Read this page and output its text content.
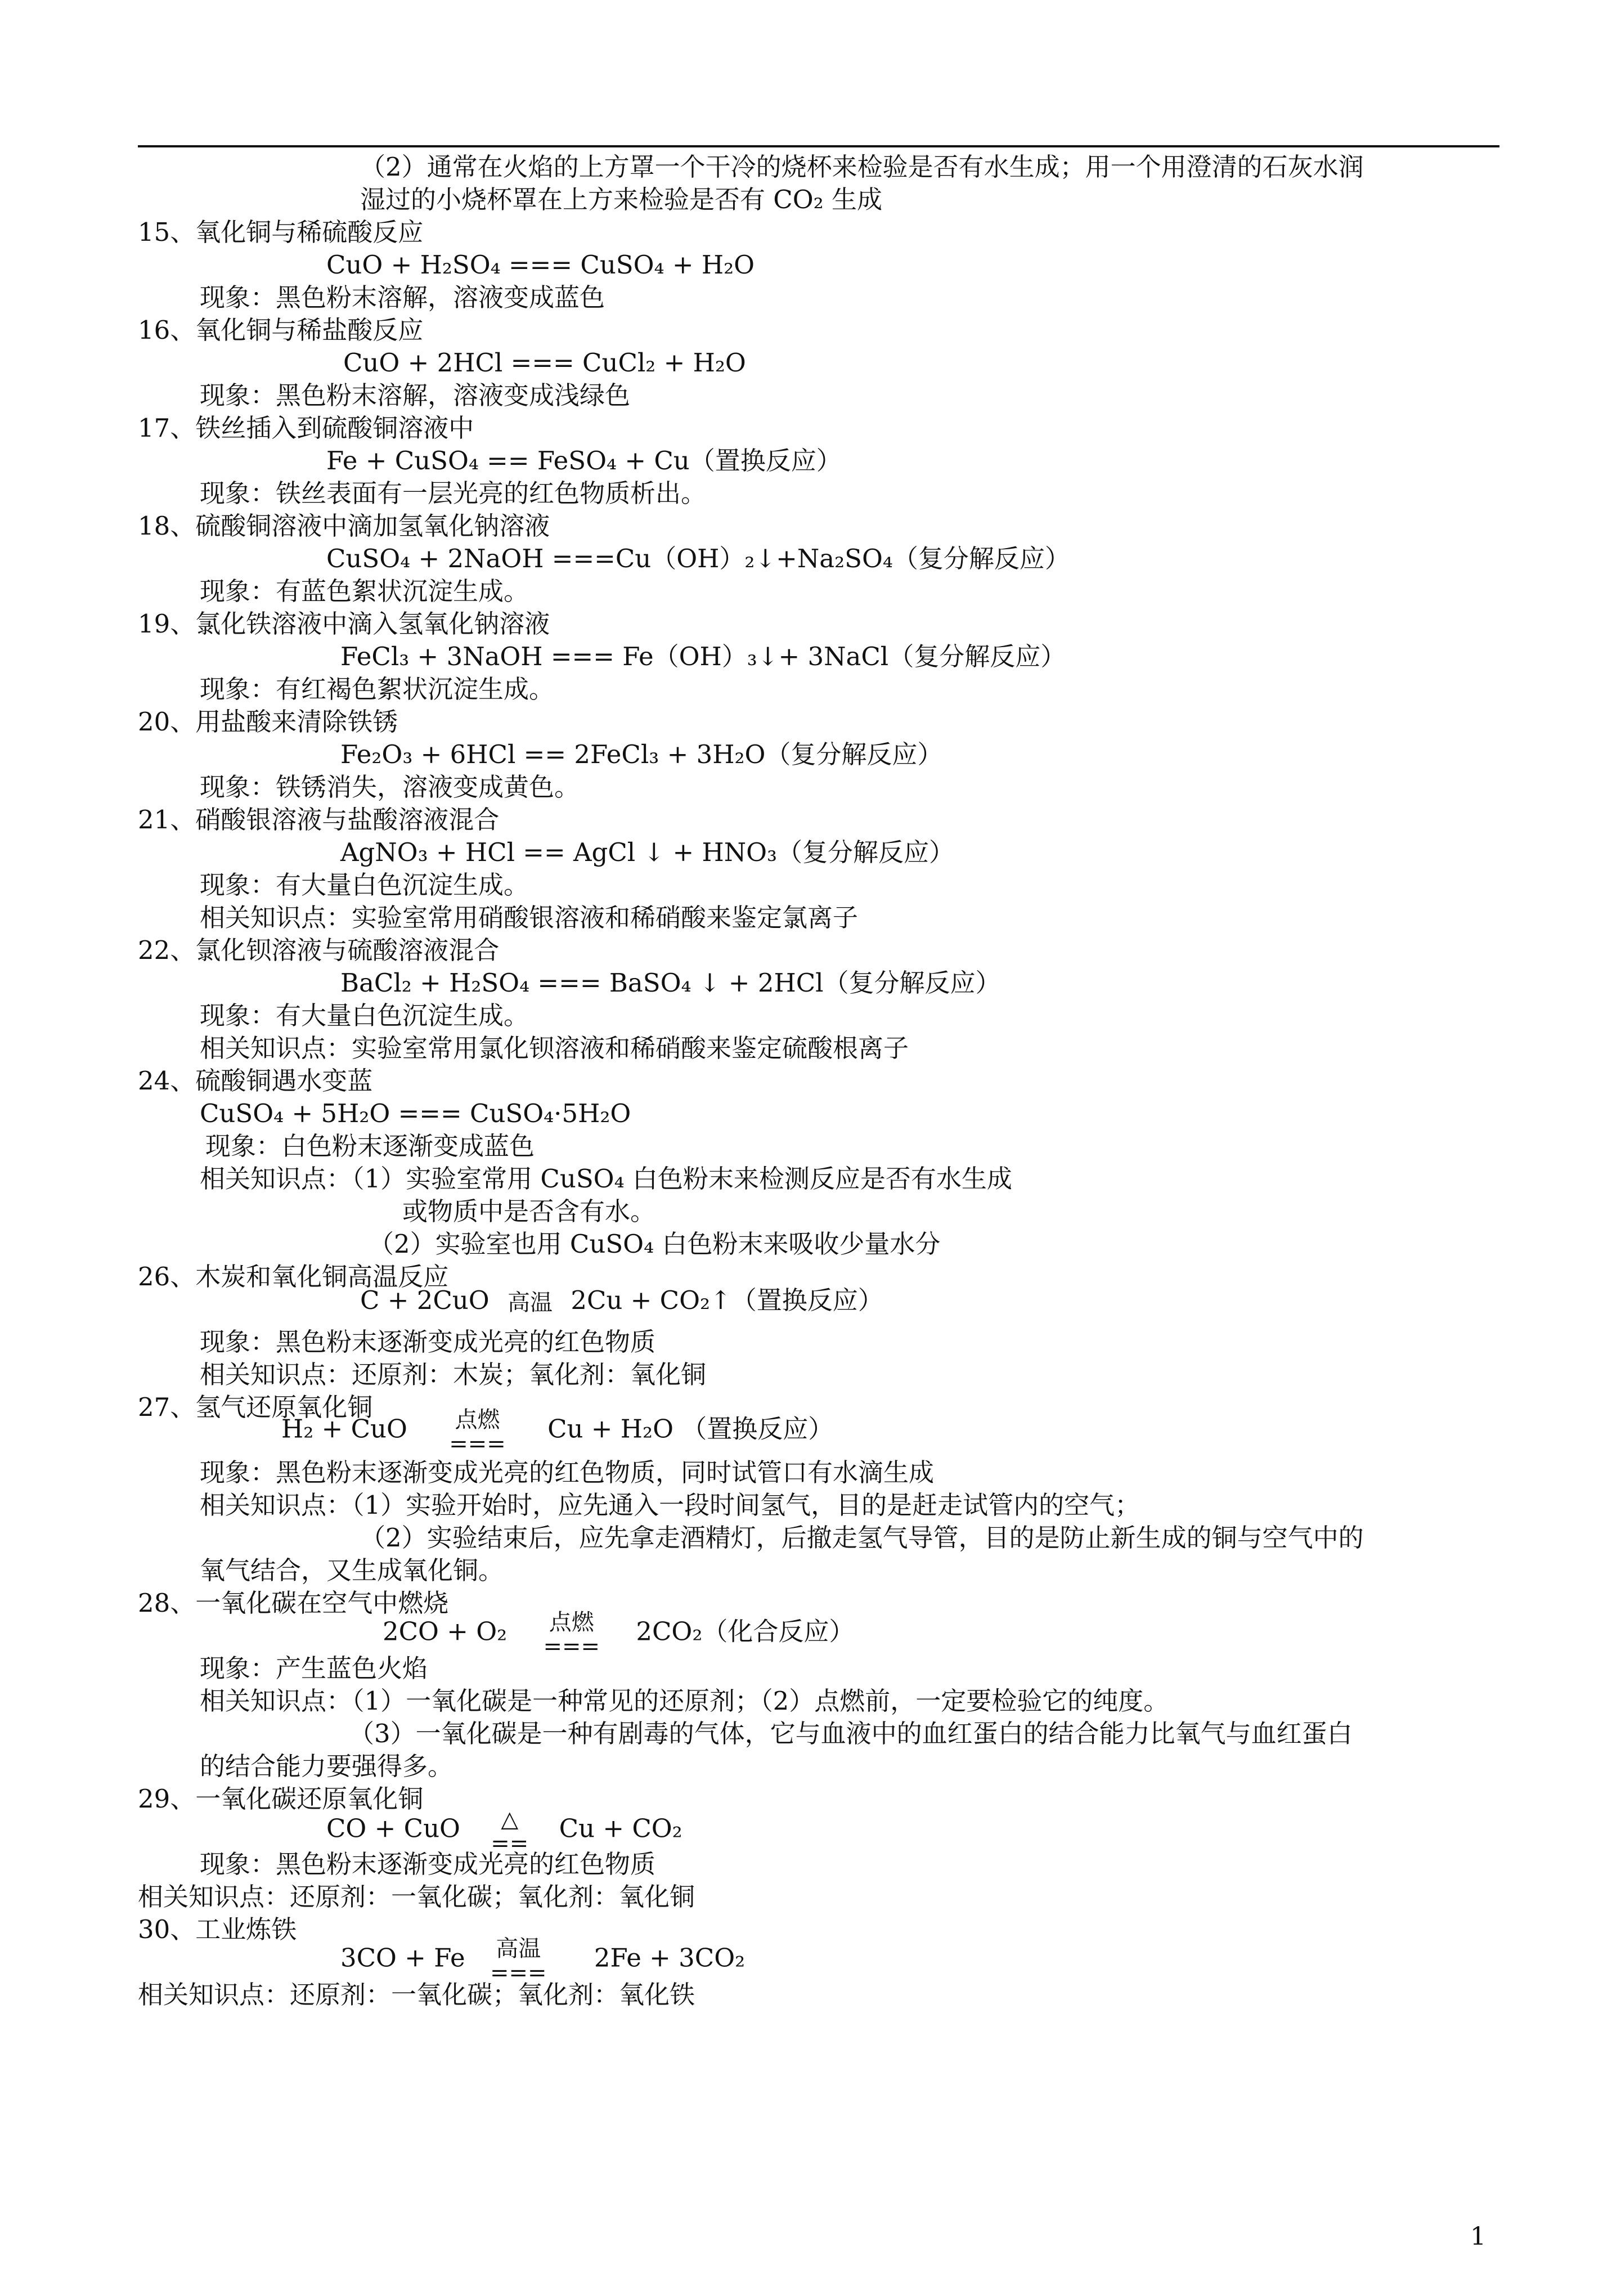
（2）通常在火焰的上方罩一个干冷的烧杯来检验是否有水生成；用一个用澄清的石灰水润
湿过的小烧杯罩在上方来检验是否有 CO₂ 生成
15、氧化铜与稀硫酸反应
CuO + H₂SO₄ === CuSO₄ + H₂O
现象：黑色粉末溶解，溶液变成蓝色
16、氧化铜与稀盐酸反应
CuO + 2HCl === CuCl₂ + H₂O
现象：黑色粉末溶解，溶液变成浅绿色
17、铁丝插入到硫酸铜溶液中
Fe + CuSO₄ == FeSO₄ + Cu（置换反应）
现象：铁丝表面有一层光亮的红色物质析出。
18、硫酸铜溶液中滴加氢氧化钠溶液
CuSO₄ + 2NaOH ===Cu（OH）₂↓+Na₂SO₄（复分解反应）
现象：有蓝色絮状沉淀生成。
19、氯化铁溶液中滴入氢氧化钠溶液
FeCl₃ + 3NaOH === Fe（OH）₃↓+ 3NaCl（复分解反应）
现象：有红褐色絮状沉淀生成。
20、用盐酸来清除铁锈
Fe₂O₃ + 6HCl == 2FeCl₃ + 3H₂O（复分解反应）
现象：铁锈消失，溶液变成黄色。
21、硝酸银溶液与盐酸溶液混合
AgNO₃ + HCl == AgCl ↓ + HNO₃（复分解反应）
现象：有大量白色沉淀生成。
相关知识点：实验室常用硝酸银溶液和稀硝酸来鉴定氯离子
22、氯化钡溶液与硫酸溶液混合
BaCl₂ + H₂SO₄ === BaSO₄ ↓ + 2HCl（复分解反应）
现象：有大量白色沉淀生成。
相关知识点：实验室常用氯化钡溶液和稀硝酸来鉴定硫酸根离子
24、硫酸铜遇水变蓝
CuSO₄ + 5H₂O === CuSO₄·5H₂O
现象：白色粉末逐渐变成蓝色
相关知识点：（1）实验室常用 CuSO₄ 白色粉末来检测反应是否有水生成
或物质中是否含有水。
（2）实验室也用 CuSO₄ 白色粉末来吸收少量水分
26、木炭和氧化铜高温反应
C + 2CuO 高温 2Cu + CO₂↑（置换反应）
现象：黑色粉末逐渐变成光亮的红色物质
相关知识点：还原剂：木炭；氧化剂：氧化铜
27、氢气还原氧化铜
H₂ + CuO 点燃
===
Cu + H₂O （置换反应）
现象：黑色粉末逐渐变成光亮的红色物质，同时试管口有水滴生成
相关知识点：（1）实验开始时，应先通入一段时间氢气，目的是赶走试管内的空气；
（2）实验结束后，应先拿走酒精灯，后撤走氢气导管，目的是防止新生成的铜与空气中的
氧气结合，又生成氧化铜。
28、一氧化碳在空气中燃烧
2CO + O₂ 点燃
===
2CO₂（化合反应）
现象：产生蓝色火焰
相关知识点：（1）一氧化碳是一种常见的还原剂；（2）点燃前，一定要检验它的纯度。
（3）一氧化碳是一种有剧毒的气体，它与血液中的血红蛋白的结合能力比氧气与血红蛋白
的结合能力要强得多。
29、一氧化碳还原氧化铜
CO + CuO	△
==
Cu + CO₂
现象：黑色粉末逐渐变成光亮的红色物质
相关知识点：还原剂：一氧化碳；氧化剂：氧化铜
30、工业炼铁
3CO + Fe 高温
===
2Fe + 3CO₂
相关知识点：还原剂：一氧化碳；氧化剂：氧化铁
1
